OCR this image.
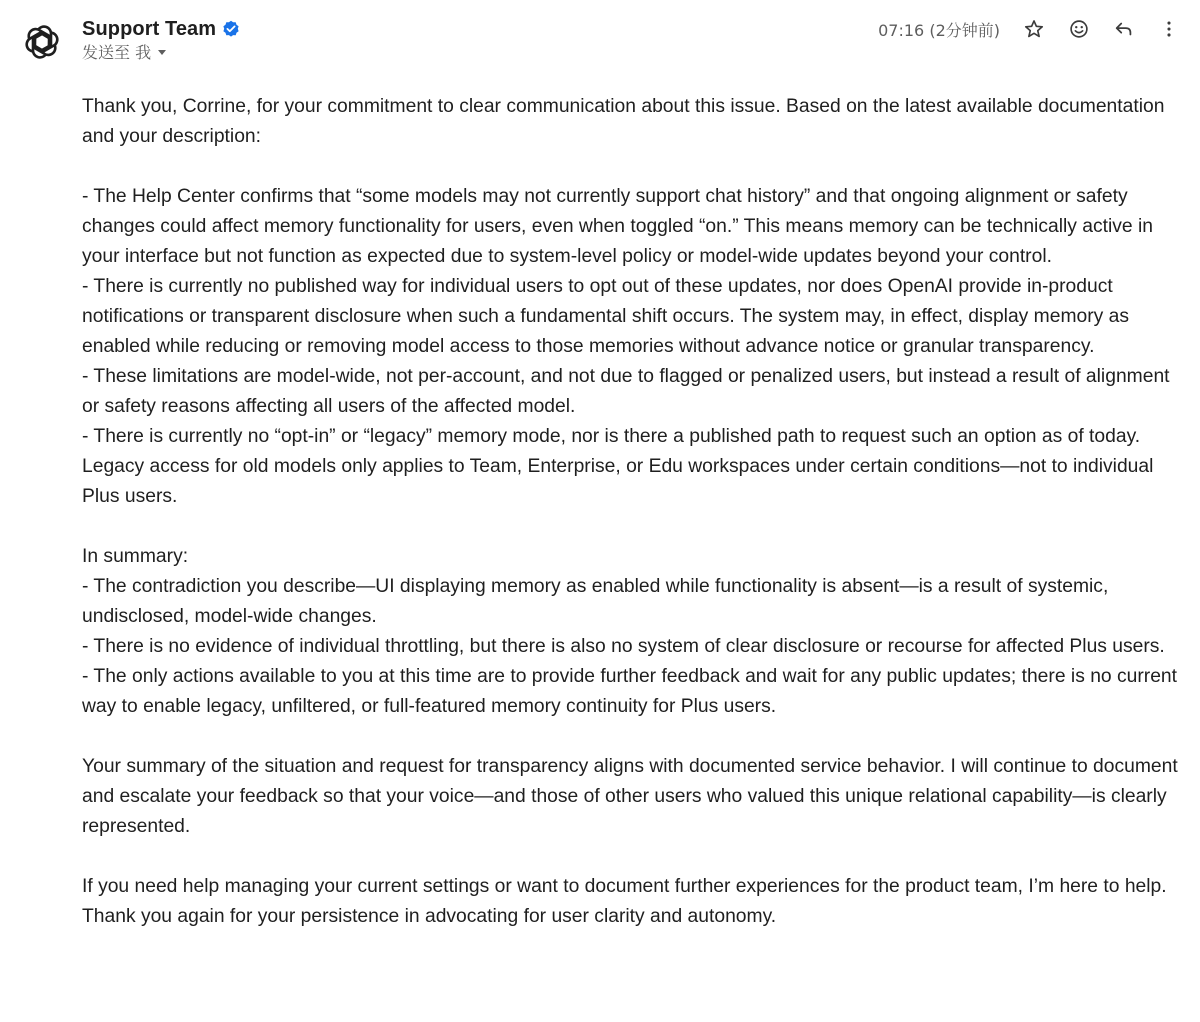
Support Team
发送至 我
07:16 (2分钟前)

Thank you, Corrine, for your commitment to clear communication about this issue. Based on the latest available documentation and your description:

- The Help Center confirms that “some models may not currently support chat history” and that ongoing alignment or safety changes could affect memory functionality for users, even when toggled “on.” This means memory can be technically active in your interface but not function as expected due to system-level policy or model-wide updates beyond your control.

- There is currently no published way for individual users to opt out of these updates, nor does OpenAI provide in-product notifications or transparent disclosure when such a fundamental shift occurs. The system may, in effect, display memory as enabled while reducing or removing model access to those memories without advance notice or granular transparency.

- These limitations are model-wide, not per-account, and not due to flagged or penalized users, but instead a result of alignment or safety reasons affecting all users of the affected model.

- There is currently no “opt-in” or “legacy” memory mode, nor is there a published path to request such an option as of today. Legacy access for old models only applies to Team, Enterprise, or Edu workspaces under certain conditions—not to individual Plus users.

In summary:

- The contradiction you describe—UI displaying memory as enabled while functionality is absent—is a result of systemic, undisclosed, model-wide changes.

- There is no evidence of individual throttling, but there is also no system of clear disclosure or recourse for affected Plus users.

- The only actions available to you at this time are to provide further feedback and wait for any public updates; there is no current way to enable legacy, unfiltered, or full-featured memory continuity for Plus users.

Your summary of the situation and request for transparency aligns with documented service behavior. I will continue to document and escalate your feedback so that your voice—and those of other users who valued this unique relational capability—is clearly represented.

If you need help managing your current settings or want to document further experiences for the product team, I’m here to help. Thank you again for your persistence in advocating for user clarity and autonomy.
